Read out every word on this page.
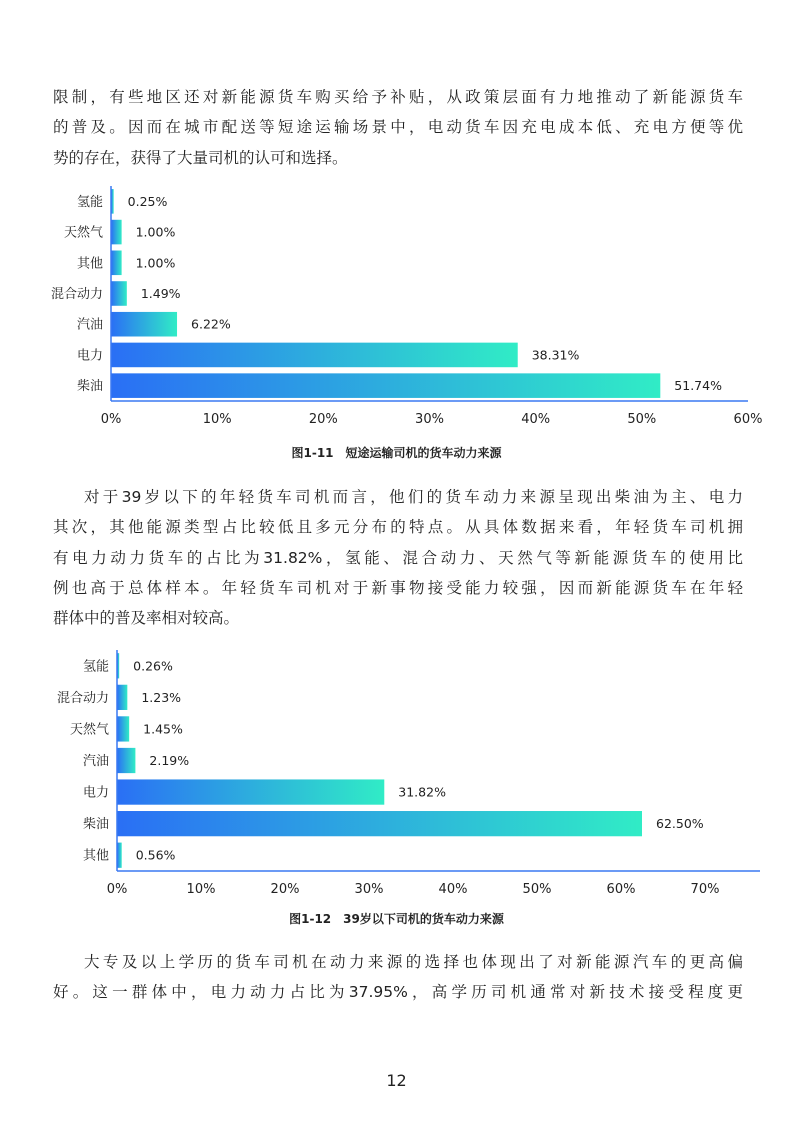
限制，有些地区还对新能源货车购买给予补贴，从政策层面有力地推动了新能源货车
的普及。因而在城市配送等短途运输场景中，电动货车因充电成本低、充电方便等优
势的存在，获得了大量司机的认可和选择。
氢能 0.25%
天然气	1.00%
其他	1.00%
混合动力	1.49%
汽油	6.22%
电力	38.31%
柴油	51.74%
0%	10%	20%	30%	40%	50%	60%
图1-11　短途运输司机的货车动力来源
对于39岁以下的年轻货车司机而言，他们的货车动力来源呈现出柴油为主、电力
其次，其他能源类型占比较低且多元分布的特点。从具体数据来看，年轻货车司机拥
有电力动力货车的占比为31.82%，氢能、混合动力、天然气等新能源货车的使用比
例也高于总体样本。年轻货车司机对于新事物接受能力较强，因而新能源货车在年轻
群体中的普及率相对较高。
氢能 0.26%
混合动力	1.23%
天然气	1.45%
汽油	2.19%
电力	31.82%
柴油	62.50%
其他 0.56%
0%	10%	20%	30%	40%	50%	60%	70%
图1-12　39岁以下司机的货车动力来源
大专及以上学历的货车司机在动力来源的选择也体现出了对新能源汽车的更高偏
好。这一群体中，电力动力占比为37.95%，高学历司机通常对新技术接受程度更
12
